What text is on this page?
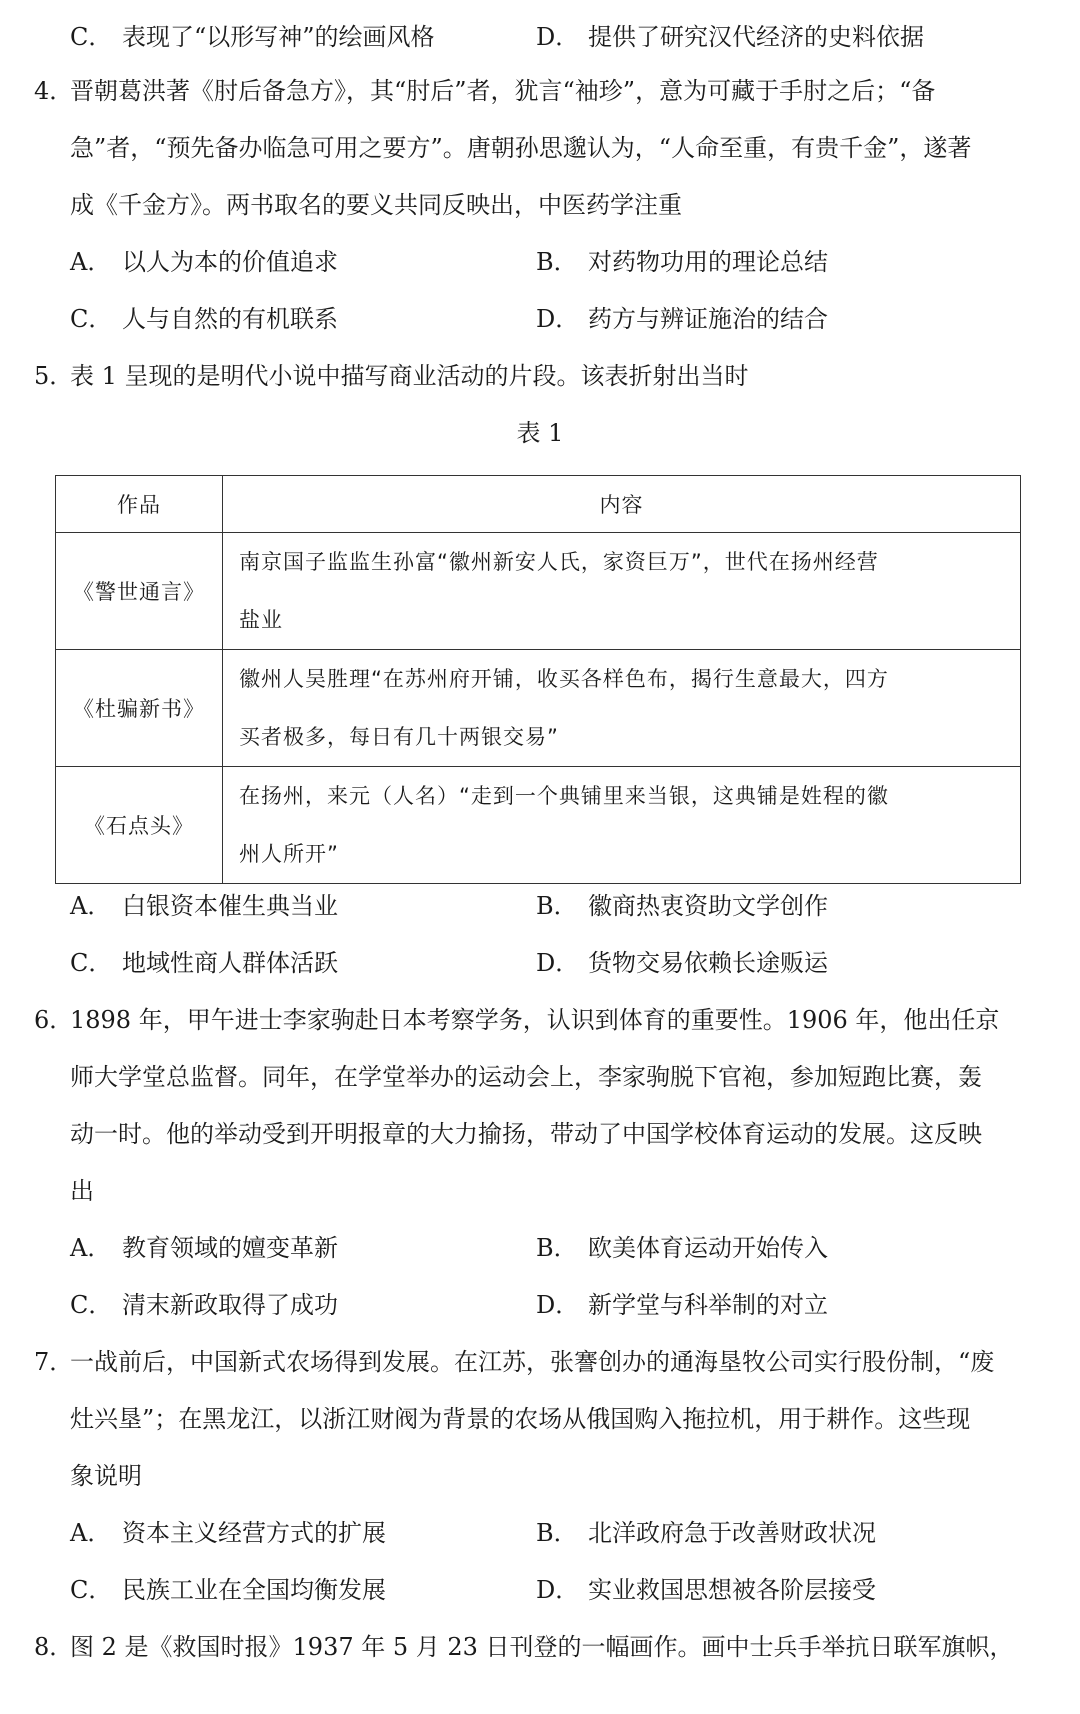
C． 表现了“以形写神”的绘画风格	D． 提供了研究汉代经济的史料依据
4．
晋朝葛洪著《肘后备急方》，其“肘后”者，犹言“袖珍”，意为可藏于手肘之后；“备
急”者，“预先备办临急可用之要方”。唐朝孙思邈认为，“人命至重，有贵千金”，遂著
成《千金方》。两书取名的要义共同反映出，中医药学注重
A． 以人为本的价值追求	B． 对药物功用的理论总结
C． 人与自然的有机联系	D． 药方与辨证施治的结合
5．
表 1 呈现的是明代小说中描写商业活动的片段。该表折射出当时
表 1
作品	内容
《警世通言》	南京国子监监生孙富“徽州新安人氏，家资巨万”，世代在扬州经营
盐业

《杜骗新书》	徽州人吴胜理“在苏州府开铺，收买各样色布，揭行生意最大，四方
买者极多，每日有几十两银交易”

《石点头》	在扬州，来元（人名）“走到一个典铺里来当银，这典铺是姓程的徽
州人所开”
A． 白银资本催生典当业	B． 徽商热衷资助文学创作
C． 地域性商人群体活跃	D． 货物交易依赖长途贩运
6．
1898 年，甲午进士李家驹赴日本考察学务，认识到体育的重要性。1906 年，他出任京
师大学堂总监督。同年，在学堂举办的运动会上，李家驹脱下官袍，参加短跑比赛，轰
动一时。他的举动受到开明报章的大力揄扬，带动了中国学校体育运动的发展。这反映
出
A． 教育领域的嬗变革新	B． 欧美体育运动开始传入
C． 清末新政取得了成功	D． 新学堂与科举制的对立
7．
一战前后，中国新式农场得到发展。在江苏，张謇创办的通海垦牧公司实行股份制，“废
灶兴垦”；在黑龙江，以浙江财阀为背景的农场从俄国购入拖拉机，用于耕作。这些现
象说明
A． 资本主义经营方式的扩展	B． 北洋政府急于改善财政状况
C． 民族工业在全国均衡发展	D． 实业救国思想被各阶层接受
8．
图 2 是《救国时报》1937 年 5 月 23 日刊登的一幅画作。画中士兵手举抗日联军旗帜，
